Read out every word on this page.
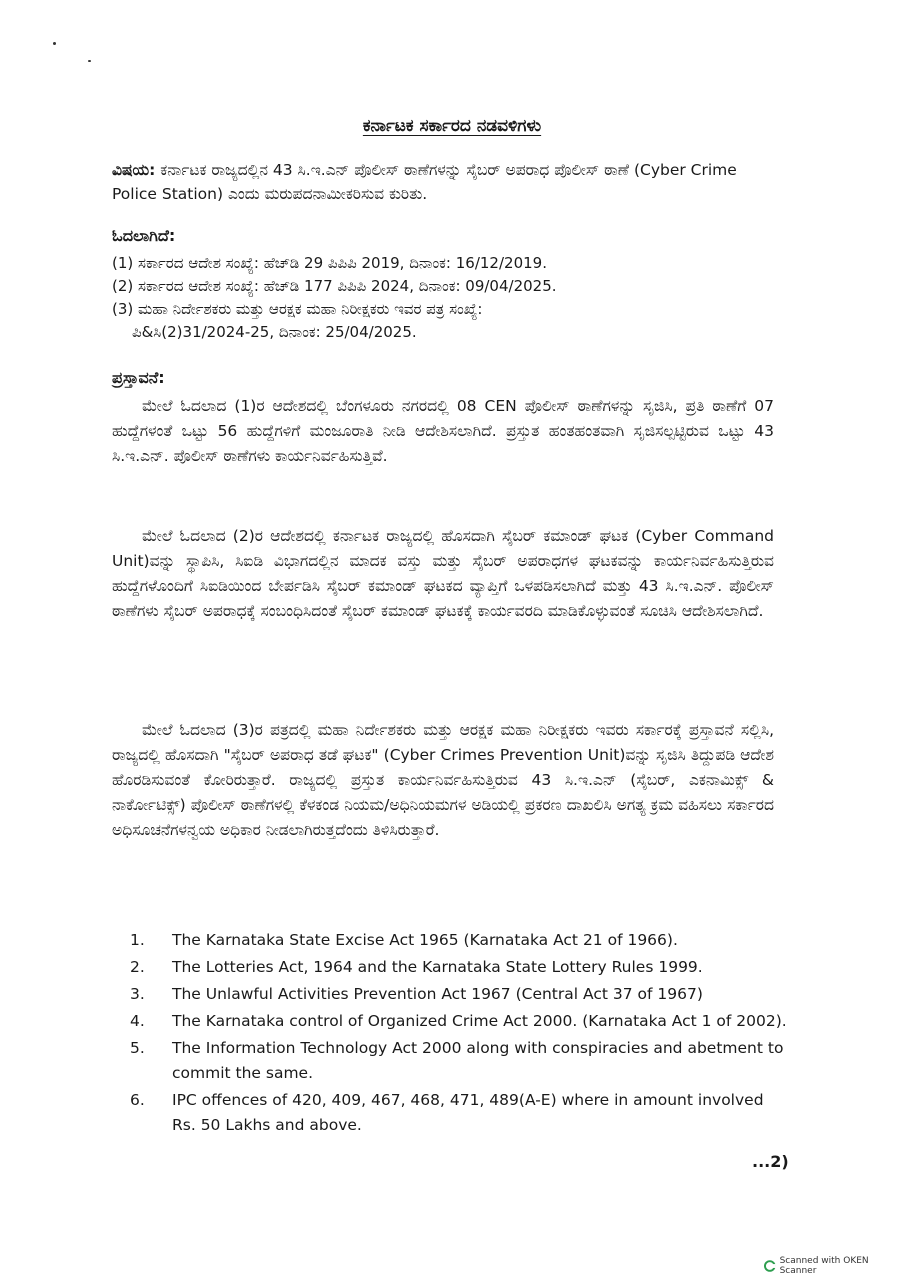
ಕರ್ನಾಟಕ ಸರ್ಕಾರದ ನಡವಳಿಗಳು
ವಿಷಯ: ಕರ್ನಾಟಕ ರಾಜ್ಯದಲ್ಲಿನ 43 ಸಿ.ಇ.ಎನ್ ಪೊಲೀಸ್ ಠಾಣೆಗಳನ್ನು ಸೈಬರ್ ಅಪರಾಧ ಪೊಲೀಸ್ ಠಾಣೆ (Cyber Crime Police Station) ಎಂದು ಮರುಪದನಾಮೀಕರಿಸುವ ಕುರಿತು.
ಓದಲಾಗಿದೆ:
(1) ಸರ್ಕಾರದ ಆದೇಶ ಸಂಖ್ಯೆ: ಹೆಚ್‌ಡಿ 29 ಪಿಪಿಪಿ 2019, ದಿನಾಂಕ: 16/12/2019.
(2) ಸರ್ಕಾರದ ಆದೇಶ ಸಂಖ್ಯೆ: ಹೆಚ್‌ಡಿ 177 ಪಿಪಿಪಿ 2024, ದಿನಾಂಕ: 09/04/2025.
(3) ಮಹಾ ನಿರ್ದೇಶಕರು ಮತ್ತು ಆರಕ್ಷಕ ಮಹಾ ನಿರೀಕ್ಷಕರು ಇವರ ಪತ್ರ ಸಂಖ್ಯೆ:
ಪಿ&ಸಿ(2)31/2024-25, ದಿನಾಂಕ: 25/04/2025.
ಪ್ರಸ್ತಾವನೆ:
ಮೇಲೆ ಓದಲಾದ (1)ರ ಆದೇಶದಲ್ಲಿ ಬೆಂಗಳೂರು ನಗರದಲ್ಲಿ 08 CEN ಪೊಲೀಸ್ ಠಾಣೆಗಳನ್ನು ಸೃಜಿಸಿ, ಪ್ರತಿ ಠಾಣೆಗೆ 07 ಹುದ್ದೆಗಳಂತೆ ಒಟ್ಟು 56 ಹುದ್ದೆಗಳಿಗೆ ಮಂಜೂರಾತಿ ನೀಡಿ ಆದೇಶಿಸಲಾಗಿದೆ. ಪ್ರಸ್ತುತ ಹಂತಹಂತವಾಗಿ ಸೃಜಿಸಲ್ಪಟ್ಟಿರುವ ಒಟ್ಟು 43 ಸಿ.ಇ.ಎನ್. ಪೊಲೀಸ್ ಠಾಣೆಗಳು ಕಾರ್ಯನಿರ್ವಹಿಸುತ್ತಿವೆ.
ಮೇಲೆ ಓದಲಾದ (2)ರ ಆದೇಶದಲ್ಲಿ ಕರ್ನಾಟಕ ರಾಜ್ಯದಲ್ಲಿ ಹೊಸದಾಗಿ ಸೈಬರ್ ಕಮಾಂಡ್ ಘಟಕ (Cyber Command Unit)ವನ್ನು ಸ್ಥಾಪಿಸಿ, ಸಿಐಡಿ ವಿಭಾಗದಲ್ಲಿನ ಮಾದಕ ವಸ್ತು ಮತ್ತು ಸೈಬರ್ ಅಪರಾಧಗಳ ಘಟಕವನ್ನು ಕಾರ್ಯನಿರ್ವಹಿಸುತ್ತಿರುವ ಹುದ್ದೆಗಳೊಂದಿಗೆ ಸಿಐಡಿಯಿಂದ ಬೇರ್ಪಡಿಸಿ ಸೈಬರ್ ಕಮಾಂಡ್ ಘಟಕದ ವ್ಯಾಪ್ತಿಗೆ ಒಳಪಡಿಸಲಾಗಿದೆ ಮತ್ತು 43 ಸಿ.ಇ.ಎನ್. ಪೊಲೀಸ್ ಠಾಣೆಗಳು ಸೈಬರ್ ಅಪರಾಧಕ್ಕೆ ಸಂಬಂಧಿಸಿದಂತೆ ಸೈಬರ್ ಕಮಾಂಡ್ ಘಟಕಕ್ಕೆ ಕಾರ್ಯವರದಿ ಮಾಡಿಕೊಳ್ಳುವಂತೆ ಸೂಚಿಸಿ ಆದೇಶಿಸಲಾಗಿದೆ.
ಮೇಲೆ ಓದಲಾದ (3)ರ ಪತ್ರದಲ್ಲಿ ಮಹಾ ನಿರ್ದೇಶಕರು ಮತ್ತು ಆರಕ್ಷಕ ಮಹಾ ನಿರೀಕ್ಷಕರು ಇವರು ಸರ್ಕಾರಕ್ಕೆ ಪ್ರಸ್ತಾವನೆ ಸಲ್ಲಿಸಿ, ರಾಜ್ಯದಲ್ಲಿ ಹೊಸದಾಗಿ "ಸೈಬರ್ ಅಪರಾಧ ತಡೆ ಘಟಕ" (Cyber Crimes Prevention Unit)ವನ್ನು ಸೃಜಿಸಿ ತಿದ್ದುಪಡಿ ಆದೇಶ ಹೊರಡಿಸುವಂತೆ ಕೋರಿರುತ್ತಾರೆ. ರಾಜ್ಯದಲ್ಲಿ ಪ್ರಸ್ತುತ ಕಾರ್ಯನಿರ್ವಹಿಸುತ್ತಿರುವ 43 ಸಿ.ಇ.ಎನ್ (ಸೈಬರ್, ಎಕನಾಮಿಕ್ಸ್ & ನಾರ್ಕೋಟಿಕ್ಸ್) ಪೊಲೀಸ್ ಠಾಣೆಗಳಲ್ಲಿ ಕೆಳಕಂಡ ನಿಯಮ/ಅಧಿನಿಯಮಗಳ ಅಡಿಯಲ್ಲಿ ಪ್ರಕರಣ ದಾಖಲಿಸಿ ಅಗತ್ಯ ಕ್ರಮ ವಹಿಸಲು ಸರ್ಕಾರದ ಅಧಿಸೂಚನೆಗಳನ್ವಯ ಅಧಿಕಾರ ನೀಡಲಾಗಿರುತ್ತದೆಂದು ತಿಳಿಸಿರುತ್ತಾರೆ.
1.	The Karnataka State Excise Act 1965 (Karnataka Act 21 of 1966).
2.	The Lotteries Act, 1964 and the Karnataka State Lottery Rules 1999.
3.	The Unlawful Activities Prevention Act 1967 (Central Act 37 of 1967)
4.	The Karnataka control of Organized Crime Act 2000. (Karnataka Act 1 of 2002).
5.	The Information Technology Act 2000 along with conspiracies and abetment to commit the same.
6.	IPC offences of 420, 409, 467, 468, 471, 489(A-E) where in amount involved Rs. 50 Lakhs and above.
...2)
Scanned with OKEN Scanner
